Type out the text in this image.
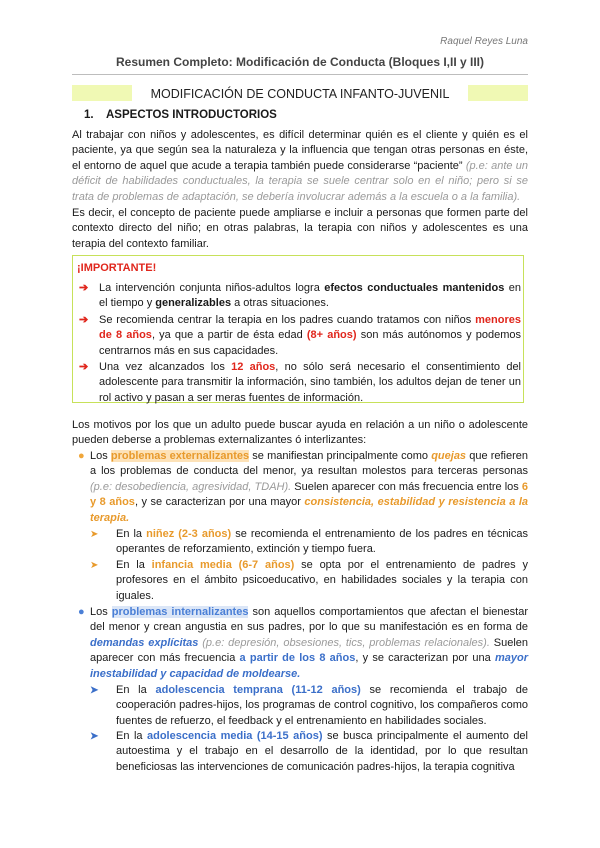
Raquel Reyes Luna
Resumen Completo: Modificación de Conducta (Bloques I,II y III)
MODIFICACIÓN DE CONDUCTA INFANTO-JUVENIL
1. ASPECTOS INTRODUCTORIOS
Al trabajar con niños y adolescentes, es difícil determinar quién es el cliente y quién es el paciente, ya que según sea la naturaleza y la influencia que tengan otras personas en éste, el entorno de aquel que acude a terapia también puede considerarse “paciente” (p.e: ante un déficit de habilidades conductuales, la terapia se suele centrar solo en el niño; pero si se trata de problemas de adaptación, se debería involucrar además a la escuela o a la familia).
Es decir, el concepto de paciente puede ampliarse e incluir a personas que formen parte del contexto directo del niño; en otras palabras, la terapia con niños y adolescentes es una terapia del contexto familiar.
¡IMPORTANTE!
➔ La intervención conjunta niños-adultos logra efectos conductuales mantenidos en el tiempo y generalizables a otras situaciones.
➔ Se recomienda centrar la terapia en los padres cuando tratamos con niños menores de 8 años, ya que a partir de ésta edad (8+ años) son más autónomos y podemos centrarnos más en sus capacidades.
➔ Una vez alcanzados los 12 años, no sólo será necesario el consentimiento del adolescente para transmitir la información, sino también, los adultos dejan de tener un rol activo y pasan a ser meras fuentes de información.
Los motivos por los que un adulto puede buscar ayuda en relación a un niño o adolescente pueden deberse a problemas externalizantes ó interlizantes:
● Los problemas externalizantes se manifiestan principalmente como quejas que refieren a los problemas de conducta del menor, ya resultan molestos para terceras personas (p.e: desobediencia, agresividad, TDAH). Suelen aparecer con más frecuencia entre los 6 y 8 años, y se caracterizan por una mayor consistencia, estabilidad y resistencia a la terapia.
➤ En la niñez (2-3 años) se recomienda el entrenamiento de los padres en técnicas operantes de reforzamiento, extinción y tiempo fuera.
➤ En la infancia media (6-7 años) se opta por el entrenamiento de padres y profesores en el ámbito psicoeducativo, en habilidades sociales y la terapia con iguales.
● Los problemas internalizantes son aquellos comportamientos que afectan el bienestar del menor y crean angustia en sus padres, por lo que su manifestación es en forma de demandas explícitas (p.e: depresión, obsesiones, tics, problemas relacionales). Suelen aparecer con más frecuencia a partir de los 8 años, y se caracterizan por una mayor inestabilidad y capacidad de moldearse.
➤ En la adolescencia temprana (11-12 años) se recomienda el trabajo de cooperación padres-hijos, los programas de control cognitivo, los compañeros como fuentes de refuerzo, el feedback y el entrenamiento en habilidades sociales.
➤ En la adolescencia media (14-15 años) se busca principalmente el aumento del autoestima y el trabajo en el desarrollo de la identidad, por lo que resultan beneficiosas las intervenciones de comunicación padres-hijos, la terapia cognitiva
